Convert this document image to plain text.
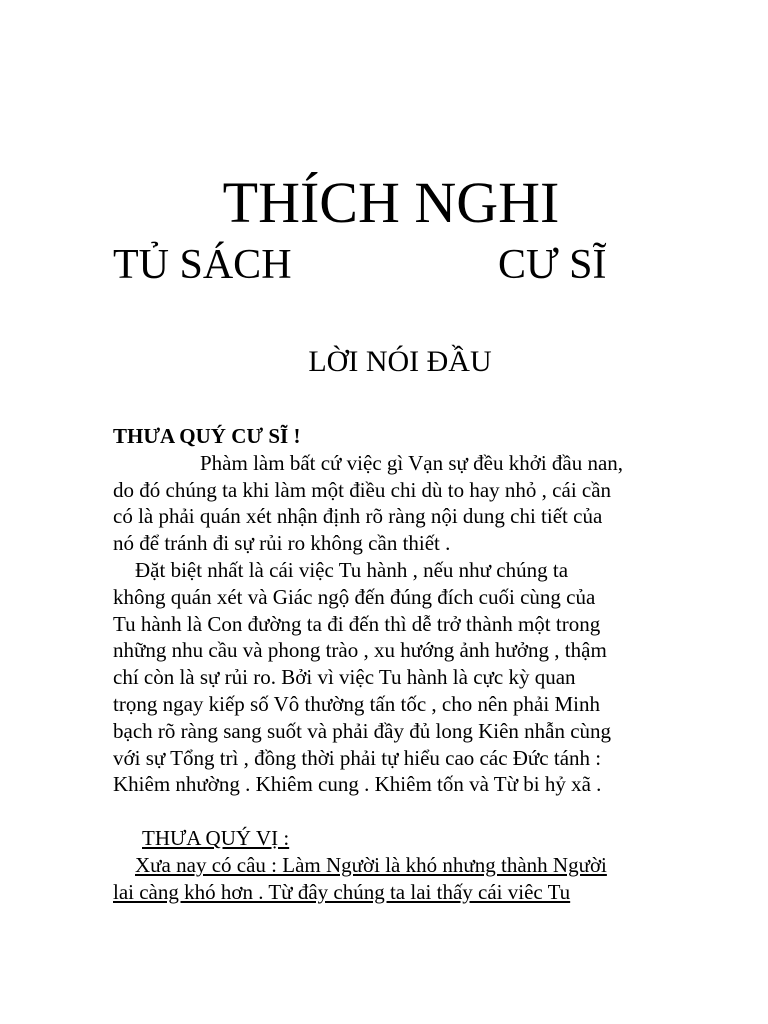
THÍCH NGHI
TỦ SÁCH	CƯ SĨ
LỜI NÓI ĐẦU
THƯA QUÝ CƯ SĨ !
Phàm làm bất cứ việc gì Vạn sự đều khởi đầu nan,
do đó chúng ta khi làm một điều chi dù to hay nhỏ , cái cần
có là phải quán xét nhận định rõ ràng nội dung chi tiết của
nó để tránh đi sự rủi ro không cần thiết .
Đặt biệt nhất là cái việc Tu hành , nếu như chúng ta
không quán xét và Giác ngộ đến đúng đích cuối cùng của
Tu hành là Con đường ta đi đến thì dễ trở thành một trong
những nhu cầu và phong trào , xu hướng ảnh hưởng , thậm
chí còn là sự rủi ro. Bởi vì việc Tu hành là cực kỳ quan
trọng ngay kiếp số Vô thường tấn tốc , cho nên phải Minh
bạch rõ ràng sang suốt và phải đầy đủ long Kiên nhẫn cùng
với sự Tổng trì , đồng thời phải tự hiểu cao các Đức tánh :
Khiêm nhường . Khiêm cung . Khiêm tốn và Từ bi hỷ xã .
THƯA QUÝ VỊ :
Xưa nay có câu : Làm Người là khó nhưng thành Người
lai càng khó hơn . Từ đây chúng ta lai thấy cái viêc Tu
